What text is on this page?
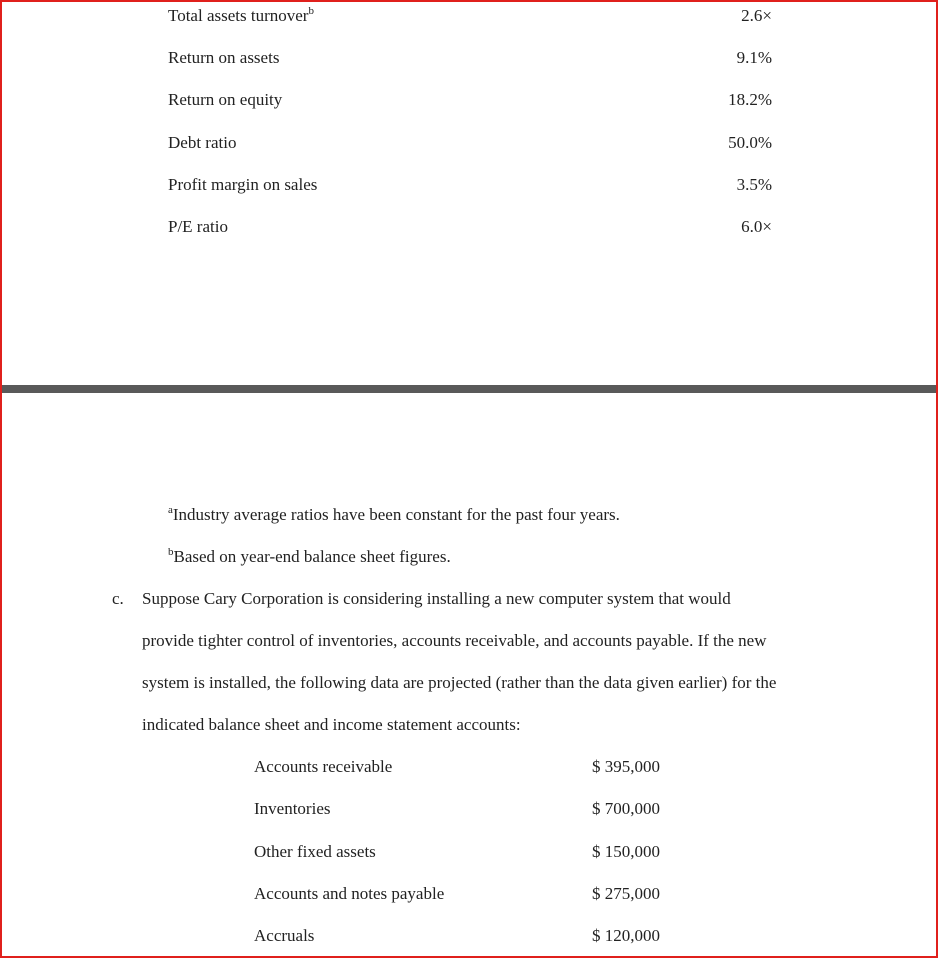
Total assets turnover$^b$	2.6×
Return on assets	9.1%
Return on equity	18.2%
Debt ratio	50.0%
Profit margin on sales	3.5%
P/E ratio	6.0×
$^a$Industry average ratios have been constant for the past four years.
$^b$Based on year-end balance sheet figures.
c. Suppose Cary Corporation is considering installing a new computer system that would
provide tighter control of inventories, accounts receivable, and accounts payable. If the new
system is installed, the following data are projected (rather than the data given earlier) for the
indicated balance sheet and income statement accounts:
Accounts receivable	$ 395,000
Inventories	$ 700,000
Other fixed assets	$ 150,000
Accounts and notes payable	$ 275,000
Accruals	$ 120,000
